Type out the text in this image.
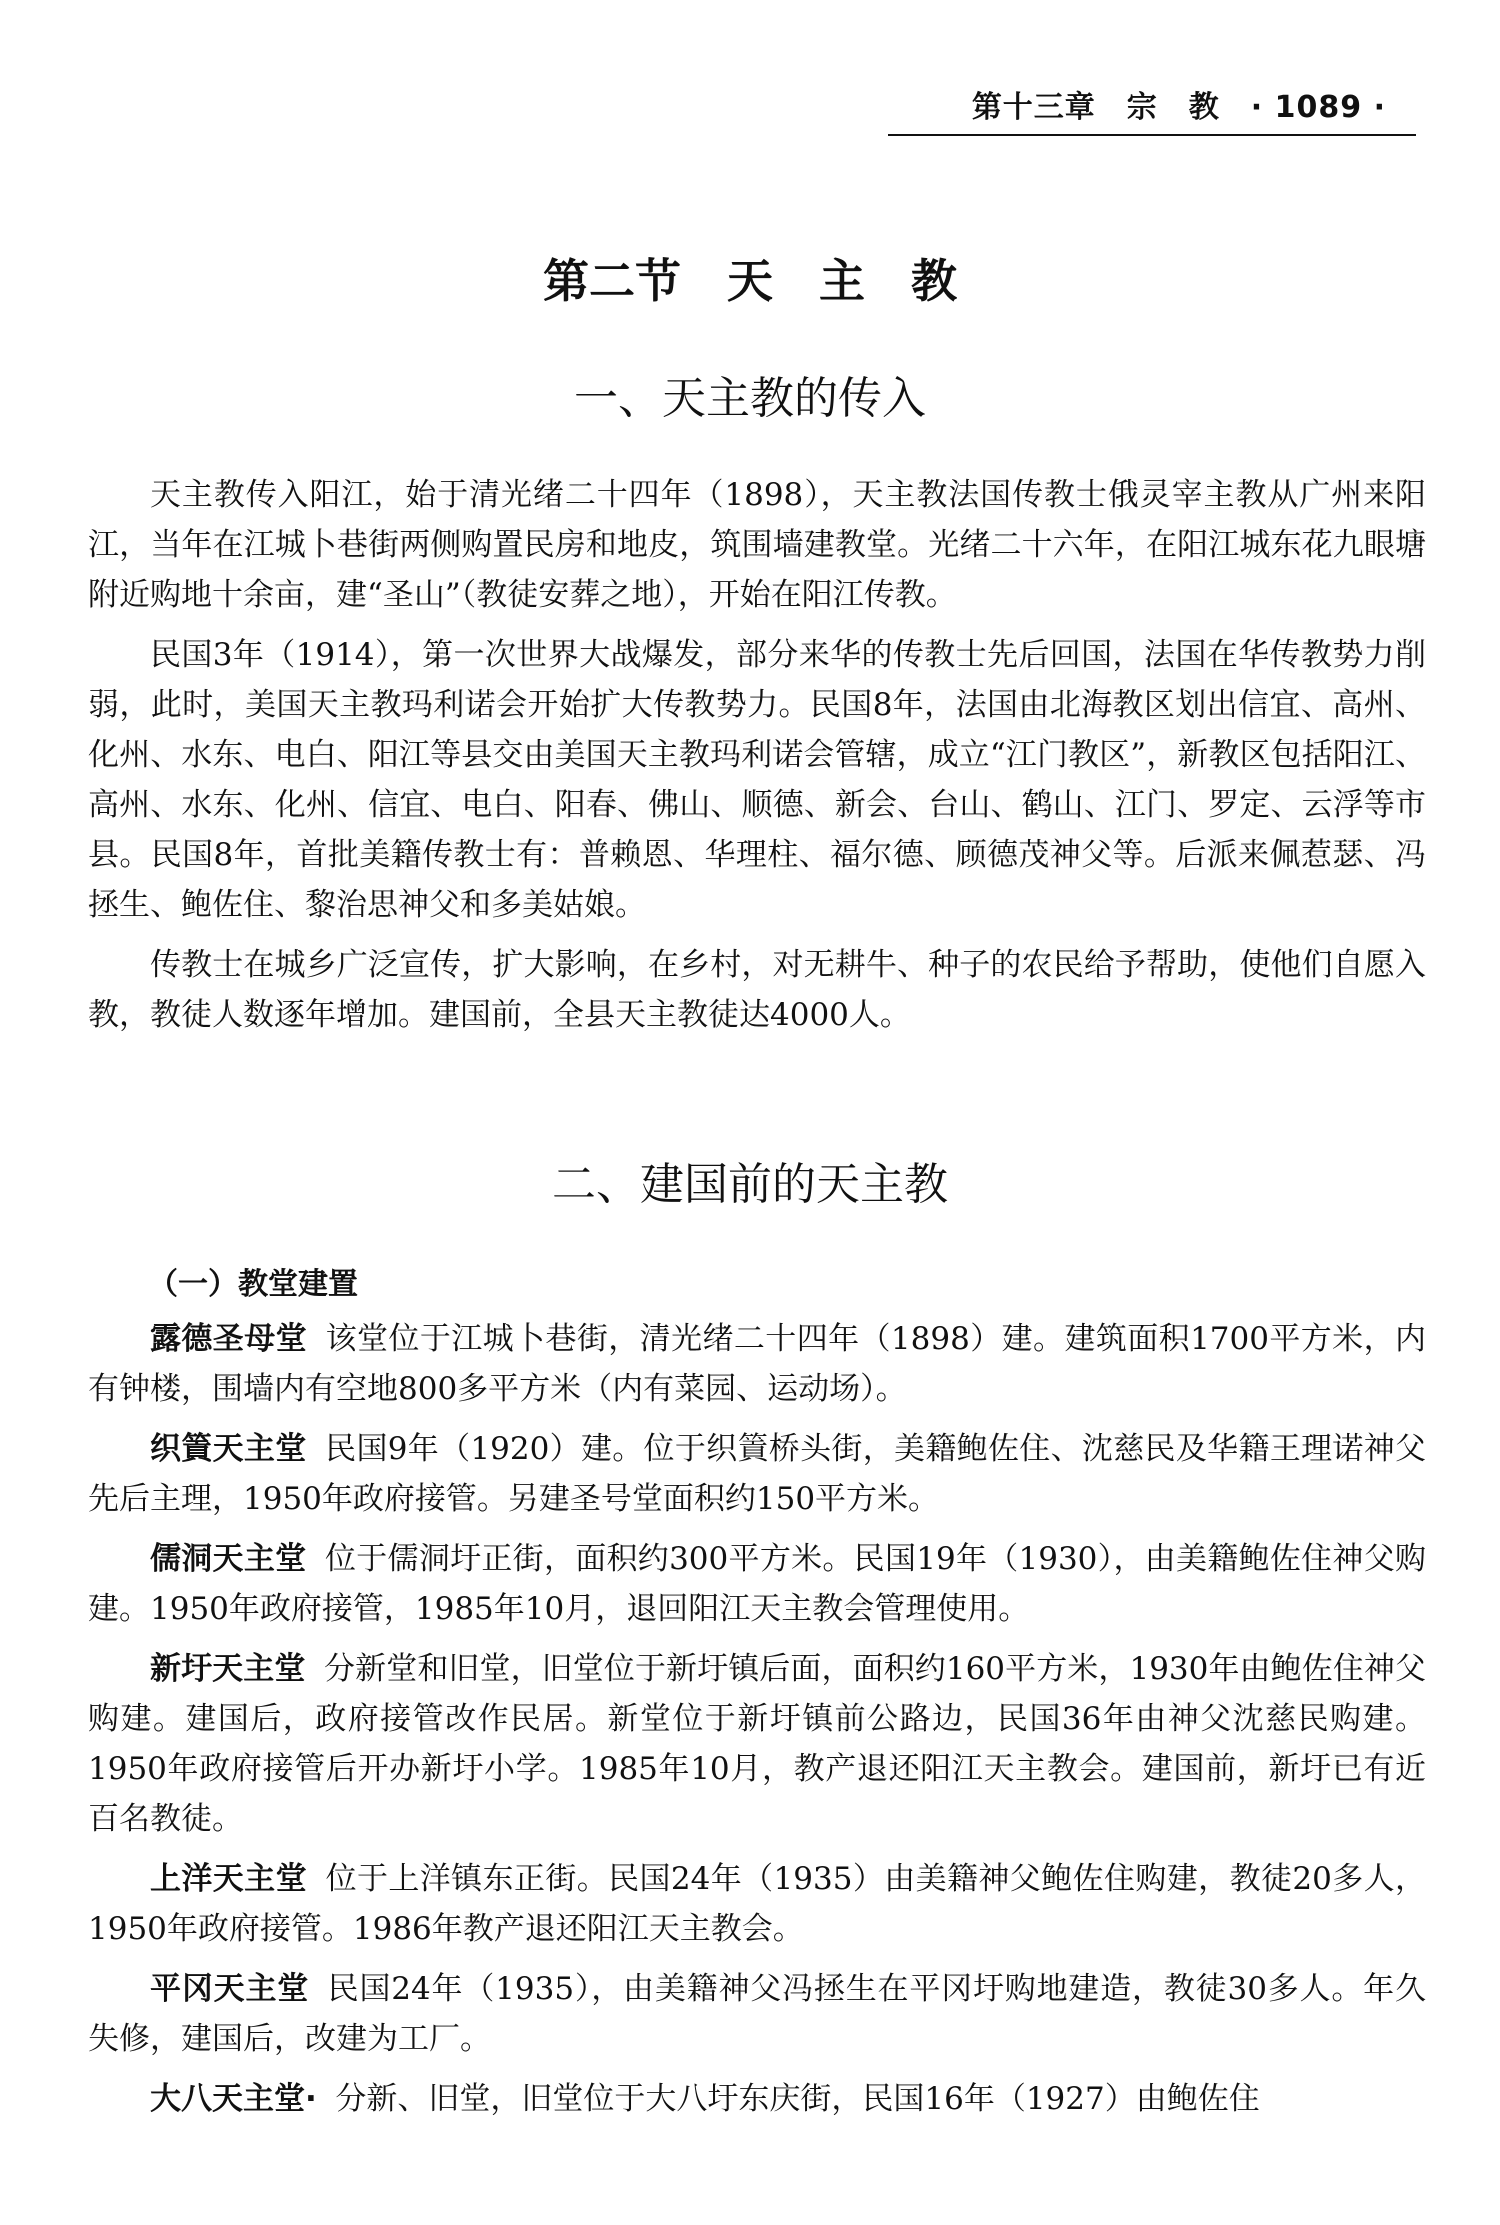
第十三章　宗　教　· 1089 ·
第二节　天　主　教
一、天主教的传入

天主教传入阳江，始于清光绪二十四年（1898），天主教法国传教士俄灵宰主教从广州来阳江，当年在江城卜巷街两侧购置民房和地皮，筑围墙建教堂。光绪二十六年，在阳江城东花九眼塘附近购地十余亩，建“圣山”（教徒安葬之地），开始在阳江传教。

民国3年（1914），第一次世界大战爆发，部分来华的传教士先后回国，法国在华传教势力削弱，此时，美国天主教玛利诺会开始扩大传教势力。民国8年，法国由北海教区划出信宜、高州、化州、水东、电白、阳江等县交由美国天主教玛利诺会管辖，成立“江门教区”，新教区包括阳江、高州、水东、化州、信宜、电白、阳春、佛山、顺德、新会、台山、鹤山、江门、罗定、云浮等市县。民国8年，首批美籍传教士有：普赖恩、华理柱、福尔德、顾德茂神父等。后派来佩惹瑟、冯拯生、鲍佐住、黎治思神父和多美姑娘。

传教士在城乡广泛宣传，扩大影响，在乡村，对无耕牛、种子的农民给予帮助，使他们自愿入教，教徒人数逐年增加。建国前，全县天主教徒达4000人。

二、建国前的天主教
（一）教堂建置

露德圣母堂 该堂位于江城卜巷街，清光绪二十四年（1898）建。建筑面积1700平方米，内有钟楼，围墙内有空地800多平方米（内有菜园、运动场）。

织篢天主堂 民国9年（1920）建。位于织篢桥头街，美籍鲍佐住、沈慈民及华籍王理诺神父先后主理，1950年政府接管。另建圣号堂面积约150平方米。

儒洞天主堂 位于儒洞圩正街，面积约300平方米。民国19年（1930），由美籍鲍佐住神父购建。1950年政府接管，1985年10月，退回阳江天主教会管理使用。

新圩天主堂 分新堂和旧堂，旧堂位于新圩镇后面，面积约160平方米，1930年由鲍佐住神父购建。建国后，政府接管改作民居。新堂位于新圩镇前公路边，民国36年由神父沈慈民购建。1950年政府接管后开办新圩小学。1985年10月，教产退还阳江天主教会。建国前，新圩已有近百名教徒。

上洋天主堂 位于上洋镇东正街。民国24年（1935）由美籍神父鲍佐住购建，教徒20多人，1950年政府接管。1986年教产退还阳江天主教会。

平冈天主堂 民国24年（1935），由美籍神父冯拯生在平冈圩购地建造，教徒30多人。年久失修，建国后，改建为工厂。

大八天主堂· 分新、旧堂，旧堂位于大八圩东庆街，民国16年（1927）由鲍佐住
